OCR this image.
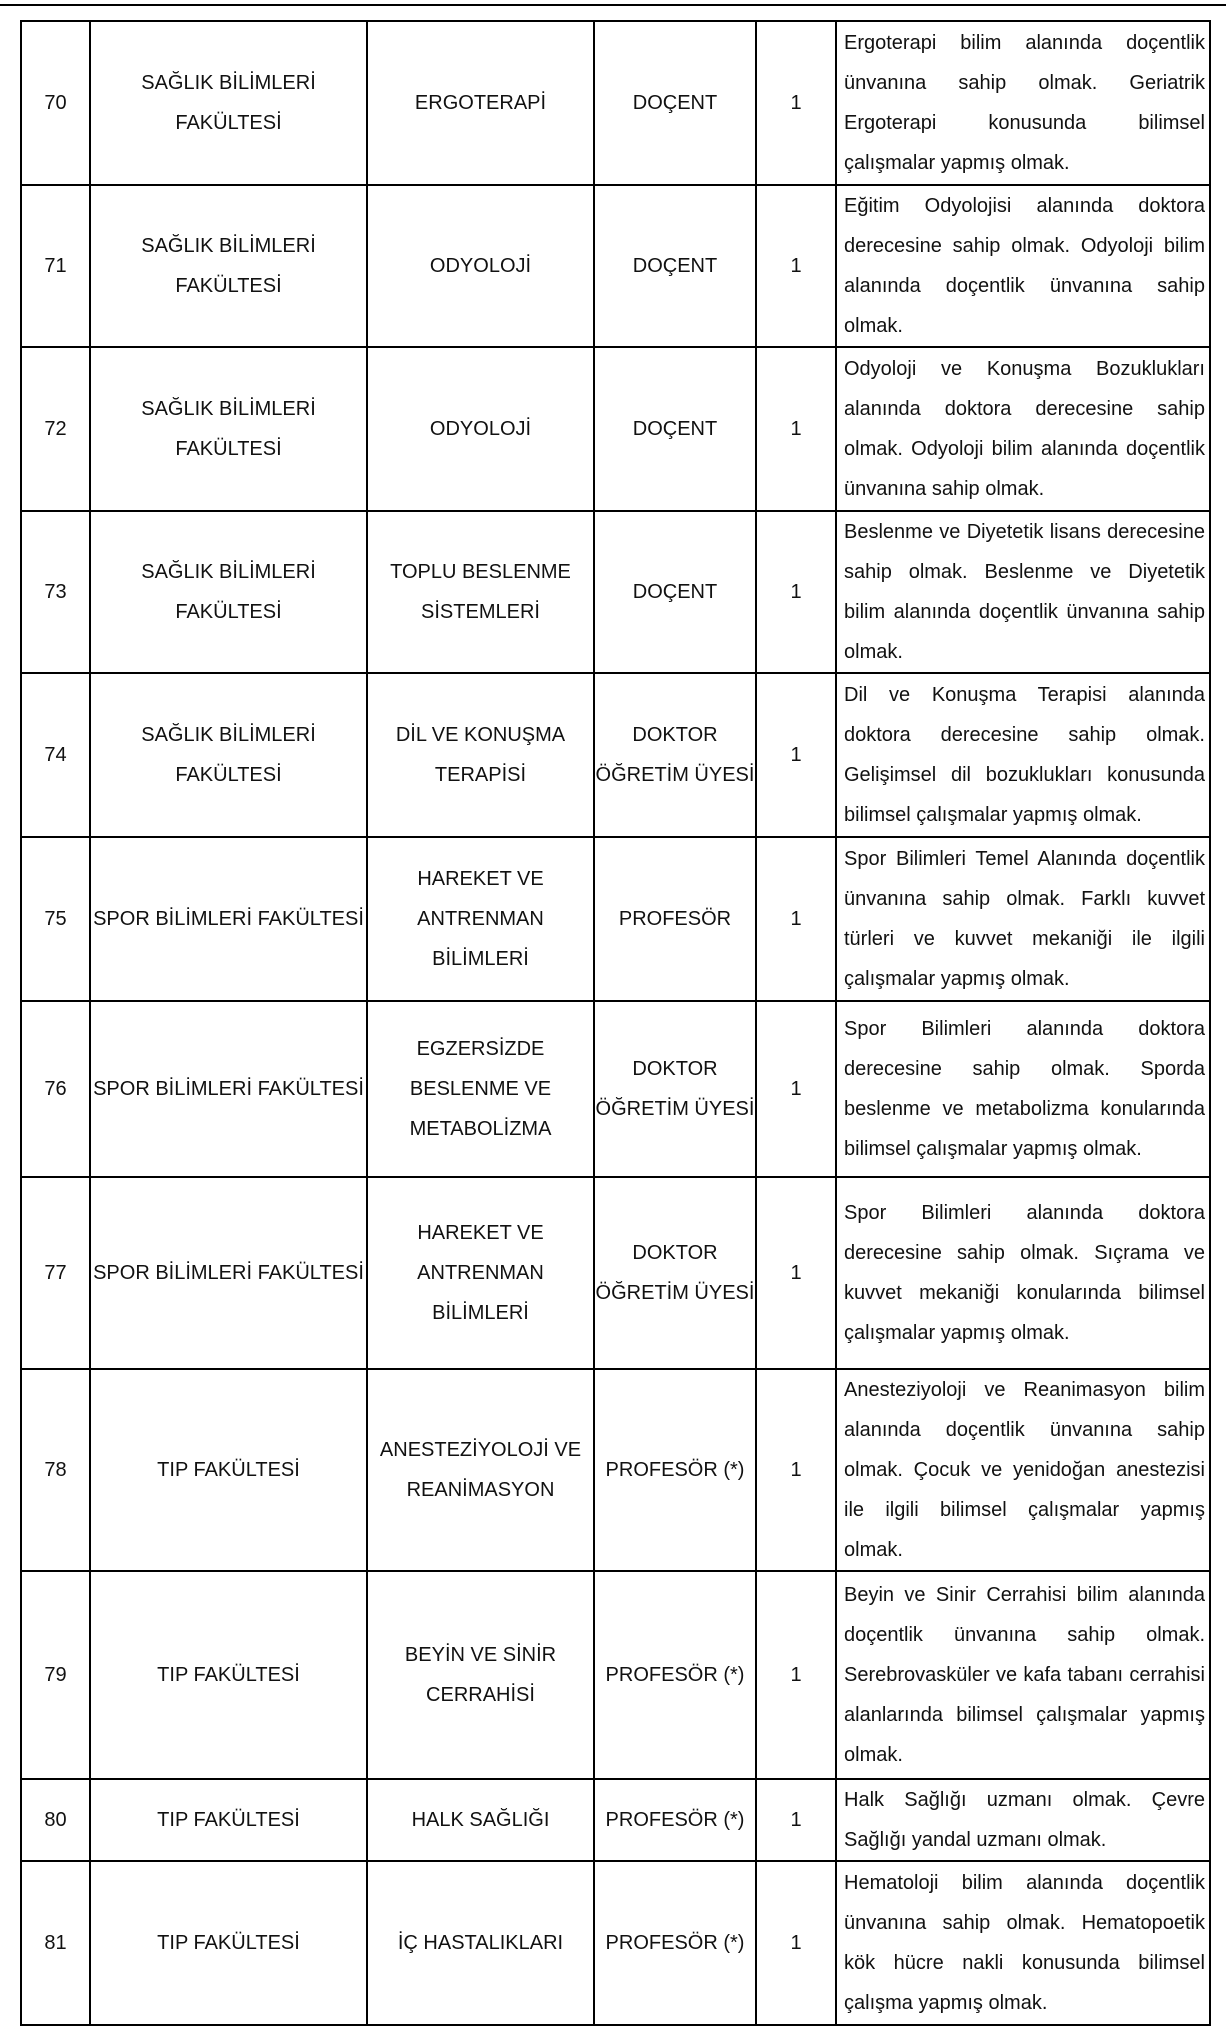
70	SAĞLIK BİLİMLERİ FAKÜLTESİ	ERGOTERAPİ	DOÇENT	1	Ergoterapi bilim alanında doçentlik ünvanına sahip olmak. Geriatrik Ergoterapi konusunda bilimsel çalışmalar yapmış olmak.
71	SAĞLIK BİLİMLERİ FAKÜLTESİ	ODYOLOJİ	DOÇENT	1	Eğitim Odyolojisi alanında doktora derecesine sahip olmak. Odyoloji bilim alanında doçentlik ünvanına sahip olmak.
72	SAĞLIK BİLİMLERİ FAKÜLTESİ	ODYOLOJİ	DOÇENT	1	Odyoloji ve Konuşma Bozuklukları alanında doktora derecesine sahip olmak. Odyoloji bilim alanında doçentlik ünvanına sahip olmak.
73	SAĞLIK BİLİMLERİ FAKÜLTESİ	TOPLU BESLENME SİSTEMLERİ	DOÇENT	1	Beslenme ve Diyetetik lisans derecesine sahip olmak. Beslenme ve Diyetetik bilim alanında doçentlik ünvanına sahip olmak.
74	SAĞLIK BİLİMLERİ FAKÜLTESİ	DİL VE KONUŞMA TERAPİSİ	DOKTOR ÖĞRETİM ÜYESİ	1	Dil ve Konuşma Terapisi alanında doktora derecesine sahip olmak. Gelişimsel dil bozuklukları konusunda bilimsel çalışmalar yapmış olmak.
75	SPOR BİLİMLERİ FAKÜLTESİ	HAREKET VE ANTRENMAN BİLİMLERİ	PROFESÖR	1	Spor Bilimleri Temel Alanında doçentlik ünvanına sahip olmak. Farklı kuvvet türleri ve kuvvet mekaniği ile ilgili çalışmalar yapmış olmak.
76	SPOR BİLİMLERİ FAKÜLTESİ	EGZERSİZDE BESLENME VE METABOLİZMA	DOKTOR ÖĞRETİM ÜYESİ	1	Spor Bilimleri alanında doktora derecesine sahip olmak. Sporda beslenme ve metabolizma konularında bilimsel çalışmalar yapmış olmak.
77	SPOR BİLİMLERİ FAKÜLTESİ	HAREKET VE ANTRENMAN BİLİMLERİ	DOKTOR ÖĞRETİM ÜYESİ	1	Spor Bilimleri alanında doktora derecesine sahip olmak. Sıçrama ve kuvvet mekaniği konularında bilimsel çalışmalar yapmış olmak.
78	TIP FAKÜLTESİ	ANESTEZİYOLOJİ VE REANİMASYON	PROFESÖR (*)	1	Anesteziyoloji ve Reanimasyon bilim alanında doçentlik ünvanına sahip olmak. Çocuk ve yenidoğan anestezisi ile ilgili bilimsel çalışmalar yapmış olmak.
79	TIP FAKÜLTESİ	BEYİN VE SİNİR CERRAHİSİ	PROFESÖR (*)	1	Beyin ve Sinir Cerrahisi bilim alanında doçentlik ünvanına sahip olmak. Serebrovasküler ve kafa tabanı cerrahisi alanlarında bilimsel çalışmalar yapmış olmak.
80	TIP FAKÜLTESİ	HALK SAĞLIĞI	PROFESÖR (*)	1	Halk Sağlığı uzmanı olmak. Çevre Sağlığı yandal uzmanı olmak.
81	TIP FAKÜLTESİ	İÇ HASTALIKLARI	PROFESÖR (*)	1	Hematoloji bilim alanında doçentlik ünvanına sahip olmak. Hematopoetik kök hücre nakli konusunda bilimsel çalışma yapmış olmak.
